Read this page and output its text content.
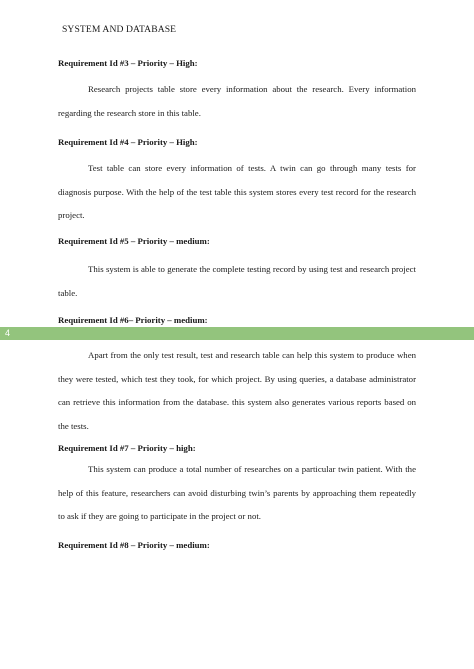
SYSTEM AND DATABASE
Requirement Id #3 – Priority – High:
Research projects table store every information about the research. Every information regarding the research store in this table.
Requirement Id #4 – Priority – High:
Test table can store every information of tests. A twin can go through many tests for diagnosis purpose. With the help of the test table this system stores every test record for the research project.
Requirement Id #5 – Priority – medium:
This system is able to generate the complete testing record by using test and research project table.
Requirement Id #6– Priority – medium:
4
Apart from the only test result, test and research table can help this system to produce when they were tested, which test they took, for which project. By using queries, a database administrator can retrieve this information from the database. this system also generates various reports based on the tests.
Requirement Id #7 – Priority – high:
This system can produce a total number of researches on a particular twin patient. With the help of this feature, researchers can avoid disturbing twin’s parents by approaching them repeatedly to ask if they are going to participate in the project or not.
Requirement Id #8 – Priority – medium:
